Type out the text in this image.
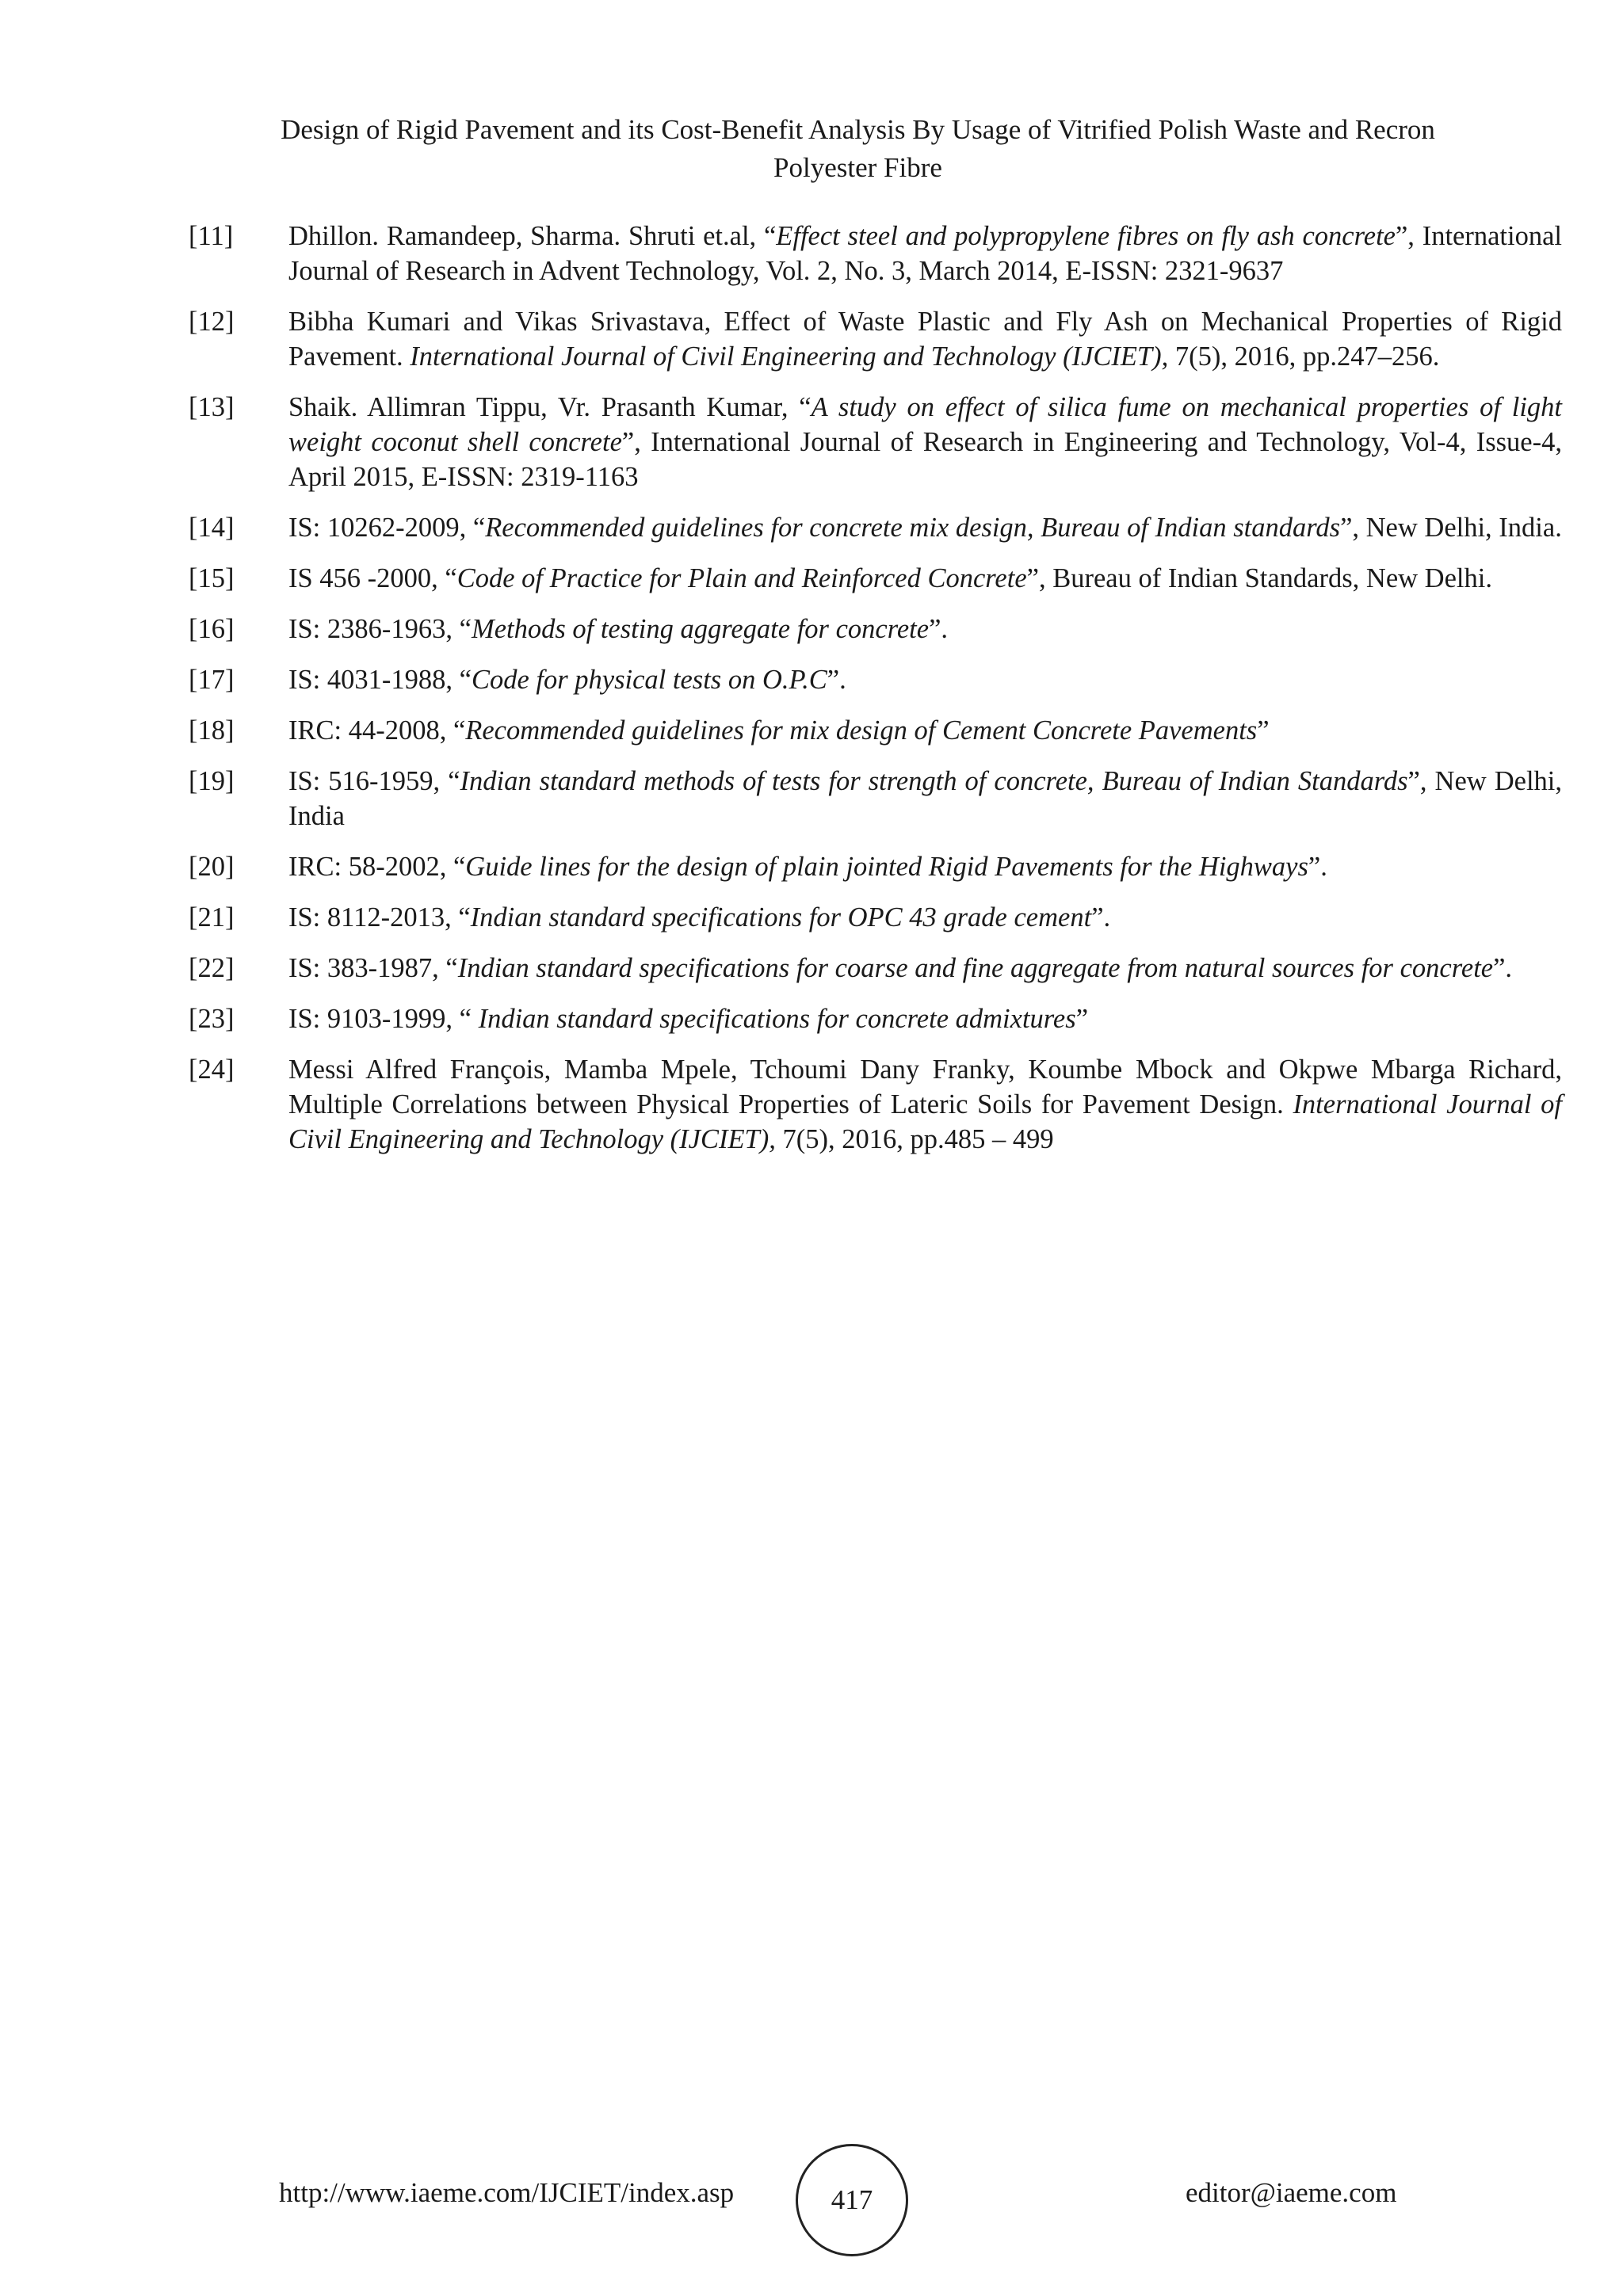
Design of Rigid Pavement and its Cost-Benefit Analysis By Usage of Vitrified Polish Waste and Recron
Polyester Fibre
[11]	Dhillon. Ramandeep, Sharma. Shruti et.al, “Effect steel and polypropylene fibres on fly ash concrete”, International Journal of Research in Advent Technology, Vol. 2, No. 3, March 2014, E-ISSN: 2321-9637
[12]	Bibha Kumari and Vikas Srivastava, Effect of Waste Plastic and Fly Ash on Mechanical Properties of Rigid Pavement. International Journal of Civil Engineering and Technology (IJCIET), 7(5), 2016, pp.247–256.
[13]	Shaik. Allimran Tippu, Vr. Prasanth Kumar, “A study on effect of silica fume on mechanical properties of light weight coconut shell concrete”, International Journal of Research in Engineering and Technology, Vol-4, Issue-4, April 2015, E-ISSN: 2319-1163
[14]	IS: 10262-2009, “Recommended guidelines for concrete mix design, Bureau of Indian standards”, New Delhi, India.
[15]	IS 456 -2000, “Code of Practice for Plain and Reinforced Concrete”, Bureau of Indian Standards, New Delhi.
[16]	IS: 2386-1963, “Methods of testing aggregate for concrete”.
[17]	IS: 4031-1988, “Code for physical tests on O.P.C”.
[18]	IRC: 44-2008, “Recommended guidelines for mix design of Cement Concrete Pavements”
[19]	IS: 516-1959, “Indian standard methods of tests for strength of concrete, Bureau of Indian Standards”, New Delhi, India
[20]	IRC: 58-2002, “Guide lines for the design of plain jointed Rigid Pavements for the Highways”.
[21]	IS: 8112-2013, “Indian standard specifications for OPC 43 grade cement”.
[22]	IS: 383-1987, “Indian standard specifications for coarse and fine aggregate from natural sources for concrete”.
[23]	IS: 9103-1999, “ Indian standard specifications for concrete admixtures”
[24]	Messi Alfred François, Mamba Mpele, Tchoumi Dany Franky, Koumbe Mbock and Okpwe Mbarga Richard, Multiple Correlations between Physical Properties of Lateric Soils for Pavement Design. International Journal of Civil Engineering and Technology (IJCIET), 7(5), 2016, pp.485 – 499
http://www.iaeme.com/IJCIET/index.asp	417	editor@iaeme.com
